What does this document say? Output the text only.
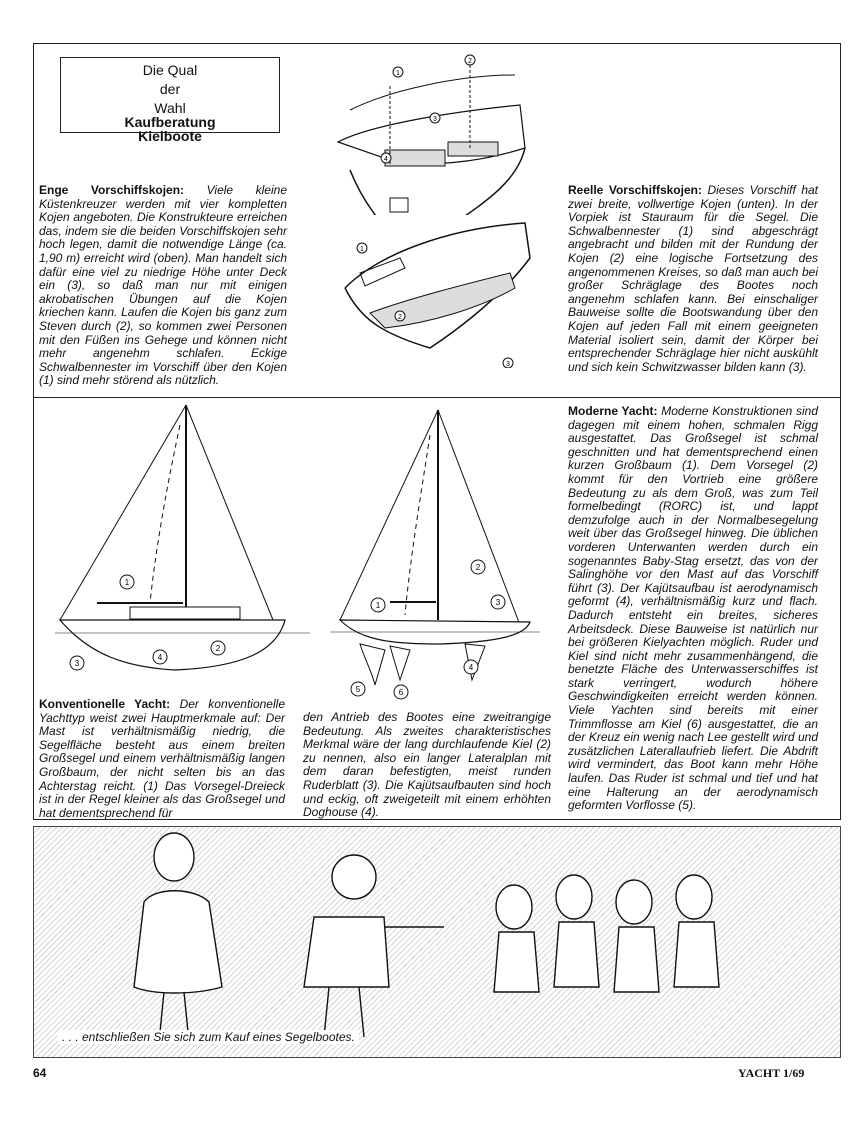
Die Qual
der
Wahl
Kaufberatung
Kielboote
1
2
3
4
1
2
3
Enge Vorschiffskojen: Viele kleine Küstenkreuzer werden mit vier kompletten Kojen angeboten. Die Konstrukteure erreichen das, indem sie die beiden Vorschiffskojen sehr hoch legen, damit die notwendige Länge (ca. 1,90 m) erreicht wird (oben). Man handelt sich dafür eine viel zu niedrige Höhe unter Deck ein (3), so daß man nur mit einigen akrobatischen Übungen auf die Kojen kriechen kann. Laufen die Kojen bis ganz zum Steven durch (2), so kommen zwei Personen mit den Füßen ins Gehege und können nicht mehr angenehm schlafen. Eckige Schwalbennester im Vorschiff über den Kojen (1) sind mehr störend als nützlich.
Reelle Vorschiffskojen: Dieses Vorschiff hat zwei breite, vollwertige Kojen (unten). In der Vorpiek ist Stauraum für die Segel. Die Schwalbennester (1) sind abgeschrägt angebracht und bilden mit der Rundung der Kojen (2) eine logische Fortsetzung des angenommenen Kreises, so daß man auch bei großer Schräglage des Bootes noch angenehm schlafen kann. Bei einschaliger Bauweise sollte die Bootswandung über den Kojen auf jeden Fall mit einem geeigneten Material isoliert sein, damit der Körper bei entsprechender Schräglage hier nicht auskühlt und sich kein Schwitzwasser bilden kann (3).
1
4
2
3
1
2
3
4
5	6
Konventionelle Yacht: Der konventionelle Yachttyp weist zwei Hauptmerkmale auf: Der Mast ist verhältnismäßig niedrig, die Segelfläche besteht aus einem breiten Großsegel und einem verhältnismäßig langen Großbaum, der nicht selten bis an das Achterstag reicht. (1) Das Vorsegel-Dreieck ist in der Regel kleiner als das Großsegel und hat dementsprechend für
den Antrieb des Bootes eine zweitrangige Bedeutung. Als zweites charakteristisches Merkmal wäre der lang durchlaufende Kiel (2) zu nennen, also ein langer Lateralplan mit dem daran befestigten, meist runden Ruderblatt (3). Die Kajütsaufbauten sind hoch und eckig, oft zweigeteilt mit einem erhöhten Doghouse (4).
Moderne Yacht: Moderne Konstruktionen sind dagegen mit einem hohen, schmalen Rigg ausgestattet. Das Großsegel ist schmal geschnitten und hat dementsprechend einen kurzen Großbaum (1). Dem Vorsegel (2) kommt für den Vortrieb eine größere Bedeutung zu als dem Groß, was zum Teil formelbedingt (RORC) ist, und lappt demzufolge auch in der Normalbesegelung weit über das Großsegel hinweg. Die üblichen vorderen Unterwanten werden durch ein sogenanntes Baby-Stag ersetzt, das von der Salinghöhe vor den Mast auf das Vorschiff führt (3). Der Kajütsaufbau ist aerodynamisch geformt (4), verhältnismäßig kurz und flach. Dadurch entsteht ein breites, sicheres Arbeitsdeck. Diese Bauweise ist natürlich nur bei größeren Kielyachten möglich. Ruder und Kiel sind nicht mehr zusammenhängend, die benetzte Fläche des Unterwasserschiffes ist stark verringert, wodurch höhere Geschwindigkeiten erreicht werden können. Viele Yachten sind bereits mit einer Trimmflosse am Kiel (6) ausgestattet, die an der Kreuz ein wenig nach Lee gestellt wird und zusätzlichen Laterallaufrieb liefert. Die Abdrift wird vermindert, das Boot kann mehr Höhe laufen. Das Ruder ist schmal und tief und hat eine Halterung an der aerodynamisch geformten Vorflosse (5).
. . . entschließen Sie sich zum Kauf eines Segelbootes.
64	YACHT 1/69
